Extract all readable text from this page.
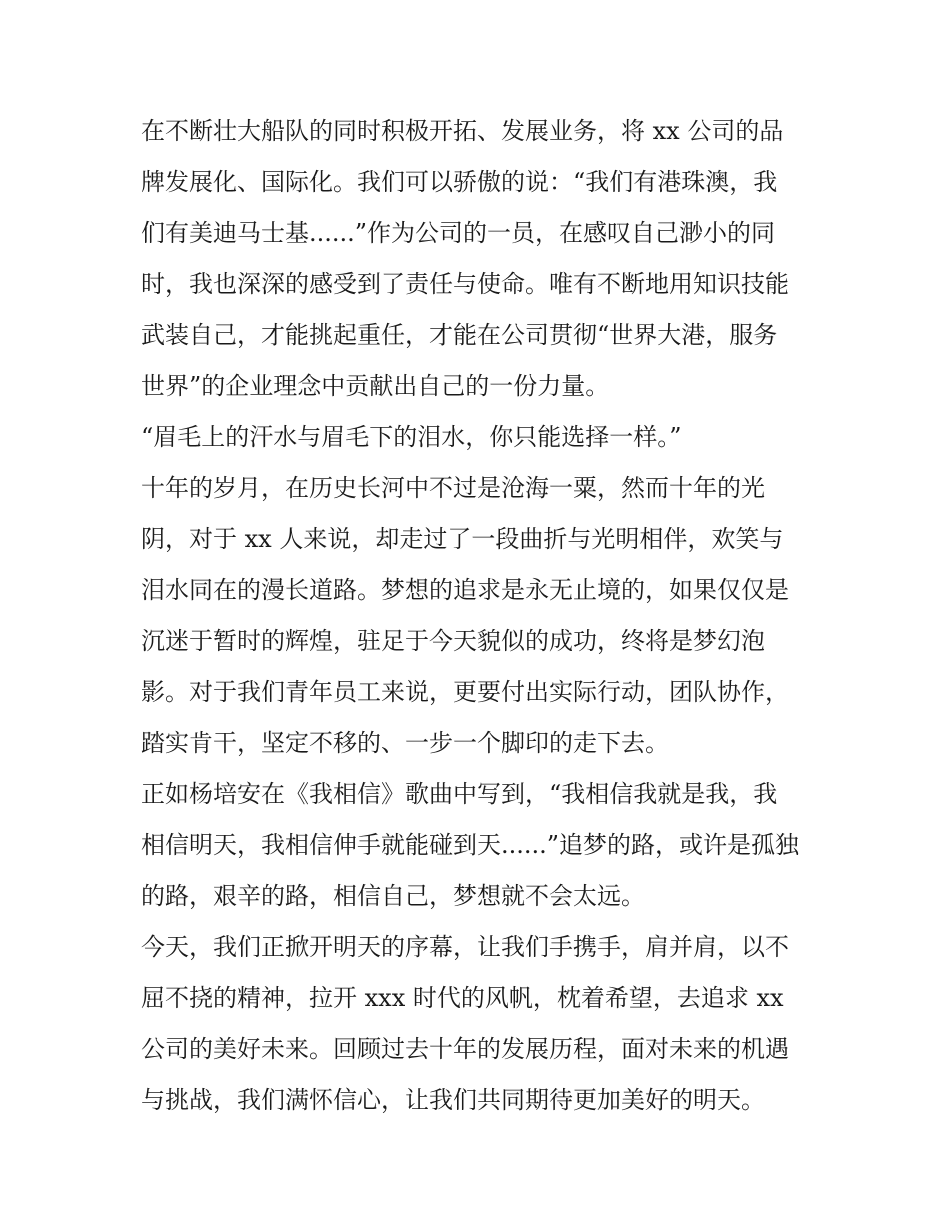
在不断壮大船队的同时积极开拓、发展业务，将 xx 公司的品
牌发展化、国际化。我们可以骄傲的说：“我们有港珠澳，我
们有美迪马士基......”作为公司的一员，在感叹自己渺小的同
时，我也深深的感受到了责任与使命。唯有不断地用知识技能
武装自己，才能挑起重任，才能在公司贯彻“世界大港，服务
世界”的企业理念中贡献出自己的一份力量。
“眉毛上的汗水与眉毛下的泪水，你只能选择一样。”
十年的岁月，在历史长河中不过是沧海一粟，然而十年的光
阴，对于 xx 人来说，却走过了一段曲折与光明相伴，欢笑与
泪水同在的漫长道路。梦想的追求是永无止境的，如果仅仅是
沉迷于暂时的辉煌，驻足于今天貌似的成功，终将是梦幻泡
影。对于我们青年员工来说，更要付出实际行动，团队协作，
踏实肯干，坚定不移的、一步一个脚印的走下去。
正如杨培安在《我相信》歌曲中写到，“我相信我就是我，我
相信明天，我相信伸手就能碰到天......”追梦的路，或许是孤独
的路，艰辛的路，相信自己，梦想就不会太远。
今天，我们正掀开明天的序幕，让我们手携手，肩并肩，以不
屈不挠的精神，拉开 xxx 时代的风帆，枕着希望，去追求 xx
公司的美好未来。回顾过去十年的发展历程，面对未来的机遇
与挑战，我们满怀信心，让我们共同期待更加美好的明天。
